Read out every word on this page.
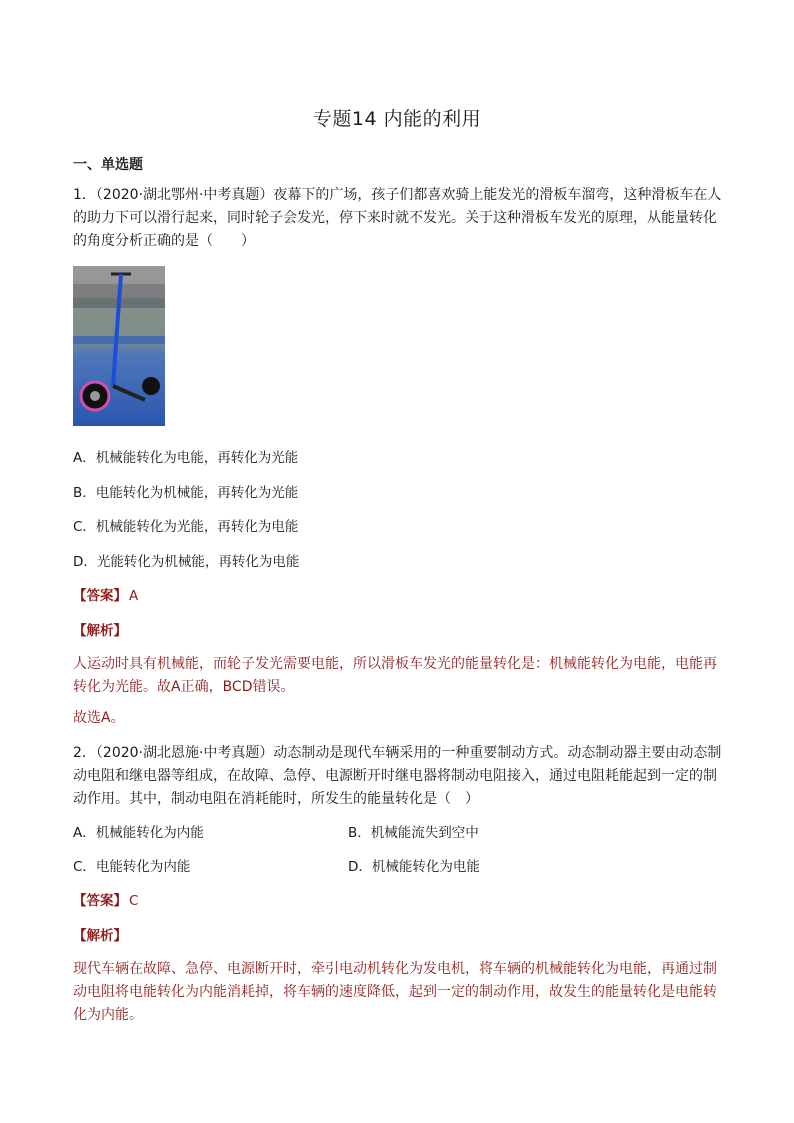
专题14 内能的利用
一、单选题
1．（2020·湖北鄂州·中考真题）夜幕下的广场，孩子们都喜欢骑上能发光的滑板车溜弯，这种滑板车在人的助力下可以滑行起来，同时轮子会发光，停下来时就不发光。关于这种滑板车发光的原理，从能量转化的角度分析正确的是（　　）
A．机械能转化为电能，再转化为光能
B．电能转化为机械能，再转化为光能
C．机械能转化为光能，再转化为电能
D．光能转化为机械能，再转化为电能
【答案】 A
【解析】
人运动时具有机械能，而轮子发光需要电能，所以滑板车发光的能量转化是：机械能转化为电能，电能再转化为光能。故A正确，BCD错误。
故选A。
2．（2020·湖北恩施·中考真题）动态制动是现代车辆采用的一种重要制动方式。动态制动器主要由动态制动电阻和继电器等组成，在故障、急停、电源断开时继电器将制动电阻接入，通过电阻耗能起到一定的制动作用。其中，制动电阻在消耗能时，所发生的能量转化是（　）
A．机械能转化为内能	B．机械能流失到空中
C．电能转化为内能	D．机械能转化为电能
【答案】 C
【解析】
现代车辆在故障、急停、电源断开时，牵引电动机转化为发电机，将车辆的机械能转化为电能，再通过制动电阻将电能转化为内能消耗掉，将车辆的速度降低，起到一定的制动作用，故发生的能量转化是电能转化为内能。
